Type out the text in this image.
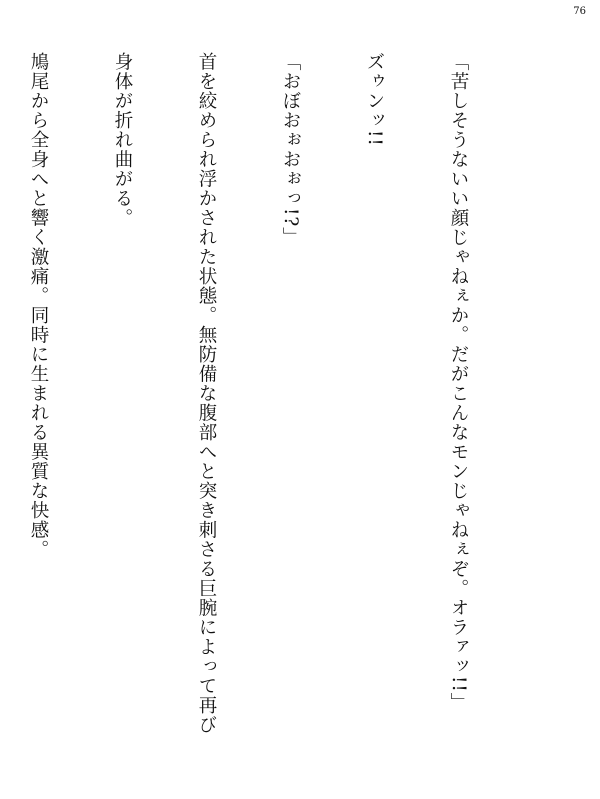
76

「苦しそうないい顔じゃねぇか。だがこんなモンじゃねぇぞ。オラァッ!!」

ズゥンッ!!

「おぼおぉおぉっ!?」

首を絞められ浮かされた状態。無防備な腹部へと突き刺さる巨腕によって再び

身体が折れ曲がる。

鳩尾から全身へと響く激痛。同時に生まれる異質な快感。
